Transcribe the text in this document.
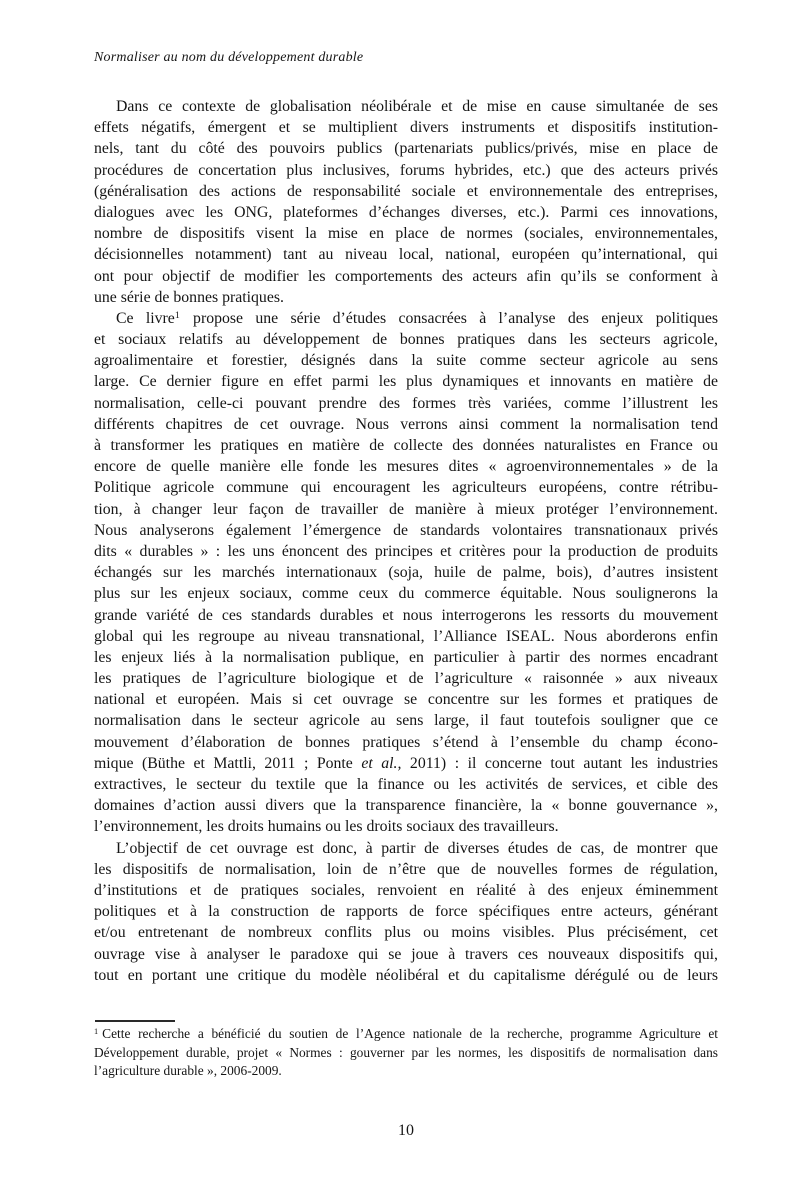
Normaliser au nom du développement durable
Dans ce contexte de globalisation néolibérale et de mise en cause simultanée de ses
effets négatifs, émergent et se multiplient divers instruments et dispositifs institution-
nels, tant du côté des pouvoirs publics (partenariats publics/privés, mise en place de
procédures de concertation plus inclusives, forums hybrides, etc.) que des acteurs privés
(généralisation des actions de responsabilité sociale et environnementale des entreprises,
dialogues avec les ONG, plateformes d’échanges diverses, etc.). Parmi ces innovations,
nombre de dispositifs visent la mise en place de normes (sociales, environnementales,
décisionnelles notamment) tant au niveau local, national, européen qu’international, qui
ont pour objectif de modifier les comportements des acteurs afin qu’ils se conforment à
une série de bonnes pratiques.
Ce livre$^1$ propose une série d’études consacrées à l’analyse des enjeux politiques
et sociaux relatifs au développement de bonnes pratiques dans les secteurs agricole,
agroalimentaire et forestier, désignés dans la suite comme secteur agricole au sens
large. Ce dernier figure en effet parmi les plus dynamiques et innovants en matière de
normalisation, celle-ci pouvant prendre des formes très variées, comme l’illustrent les
différents chapitres de cet ouvrage. Nous verrons ainsi comment la normalisation tend
à transformer les pratiques en matière de collecte des données naturalistes en France ou
encore de quelle manière elle fonde les mesures dites « agroenvironnementales » de la
Politique agricole commune qui encouragent les agriculteurs européens, contre rétribu-
tion, à changer leur façon de travailler de manière à mieux protéger l’environnement.
Nous analyserons également l’émergence de standards volontaires transnationaux privés
dits « durables » : les uns énoncent des principes et critères pour la production de produits
échangés sur les marchés internationaux (soja, huile de palme, bois), d’autres insistent
plus sur les enjeux sociaux, comme ceux du commerce équitable. Nous soulignerons la
grande variété de ces standards durables et nous interrogerons les ressorts du mouvement
global qui les regroupe au niveau transnational, l’Alliance ISEAL. Nous aborderons enfin
les enjeux liés à la normalisation publique, en particulier à partir des normes encadrant
les pratiques de l’agriculture biologique et de l’agriculture « raisonnée » aux niveaux
national et européen. Mais si cet ouvrage se concentre sur les formes et pratiques de
normalisation dans le secteur agricole au sens large, il faut toutefois souligner que ce
mouvement d’élaboration de bonnes pratiques s’étend à l’ensemble du champ écono-
mique (Büthe et Mattli, 2011 ; Ponte et al., 2011) : il concerne tout autant les industries
extractives, le secteur du textile que la finance ou les activités de services, et cible des
domaines d’action aussi divers que la transparence financière, la « bonne gouvernance »,
l’environnement, les droits humains ou les droits sociaux des travailleurs.
L’objectif de cet ouvrage est donc, à partir de diverses études de cas, de montrer que
les dispositifs de normalisation, loin de n’être que de nouvelles formes de régulation,
d’institutions et de pratiques sociales, renvoient en réalité à des enjeux éminemment
politiques et à la construction de rapports de force spécifiques entre acteurs, générant
et/ou entretenant de nombreux conflits plus ou moins visibles. Plus précisément, cet
ouvrage vise à analyser le paradoxe qui se joue à travers ces nouveaux dispositifs qui,
tout en portant une critique du modèle néolibéral et du capitalisme dérégulé ou de leurs
$^1$ Cette recherche a bénéficié du soutien de l’Agence nationale de la recherche, programme Agriculture et
Développement durable, projet « Normes : gouverner par les normes, les dispositifs de normalisation dans
l’agriculture durable », 2006-2009.
10
